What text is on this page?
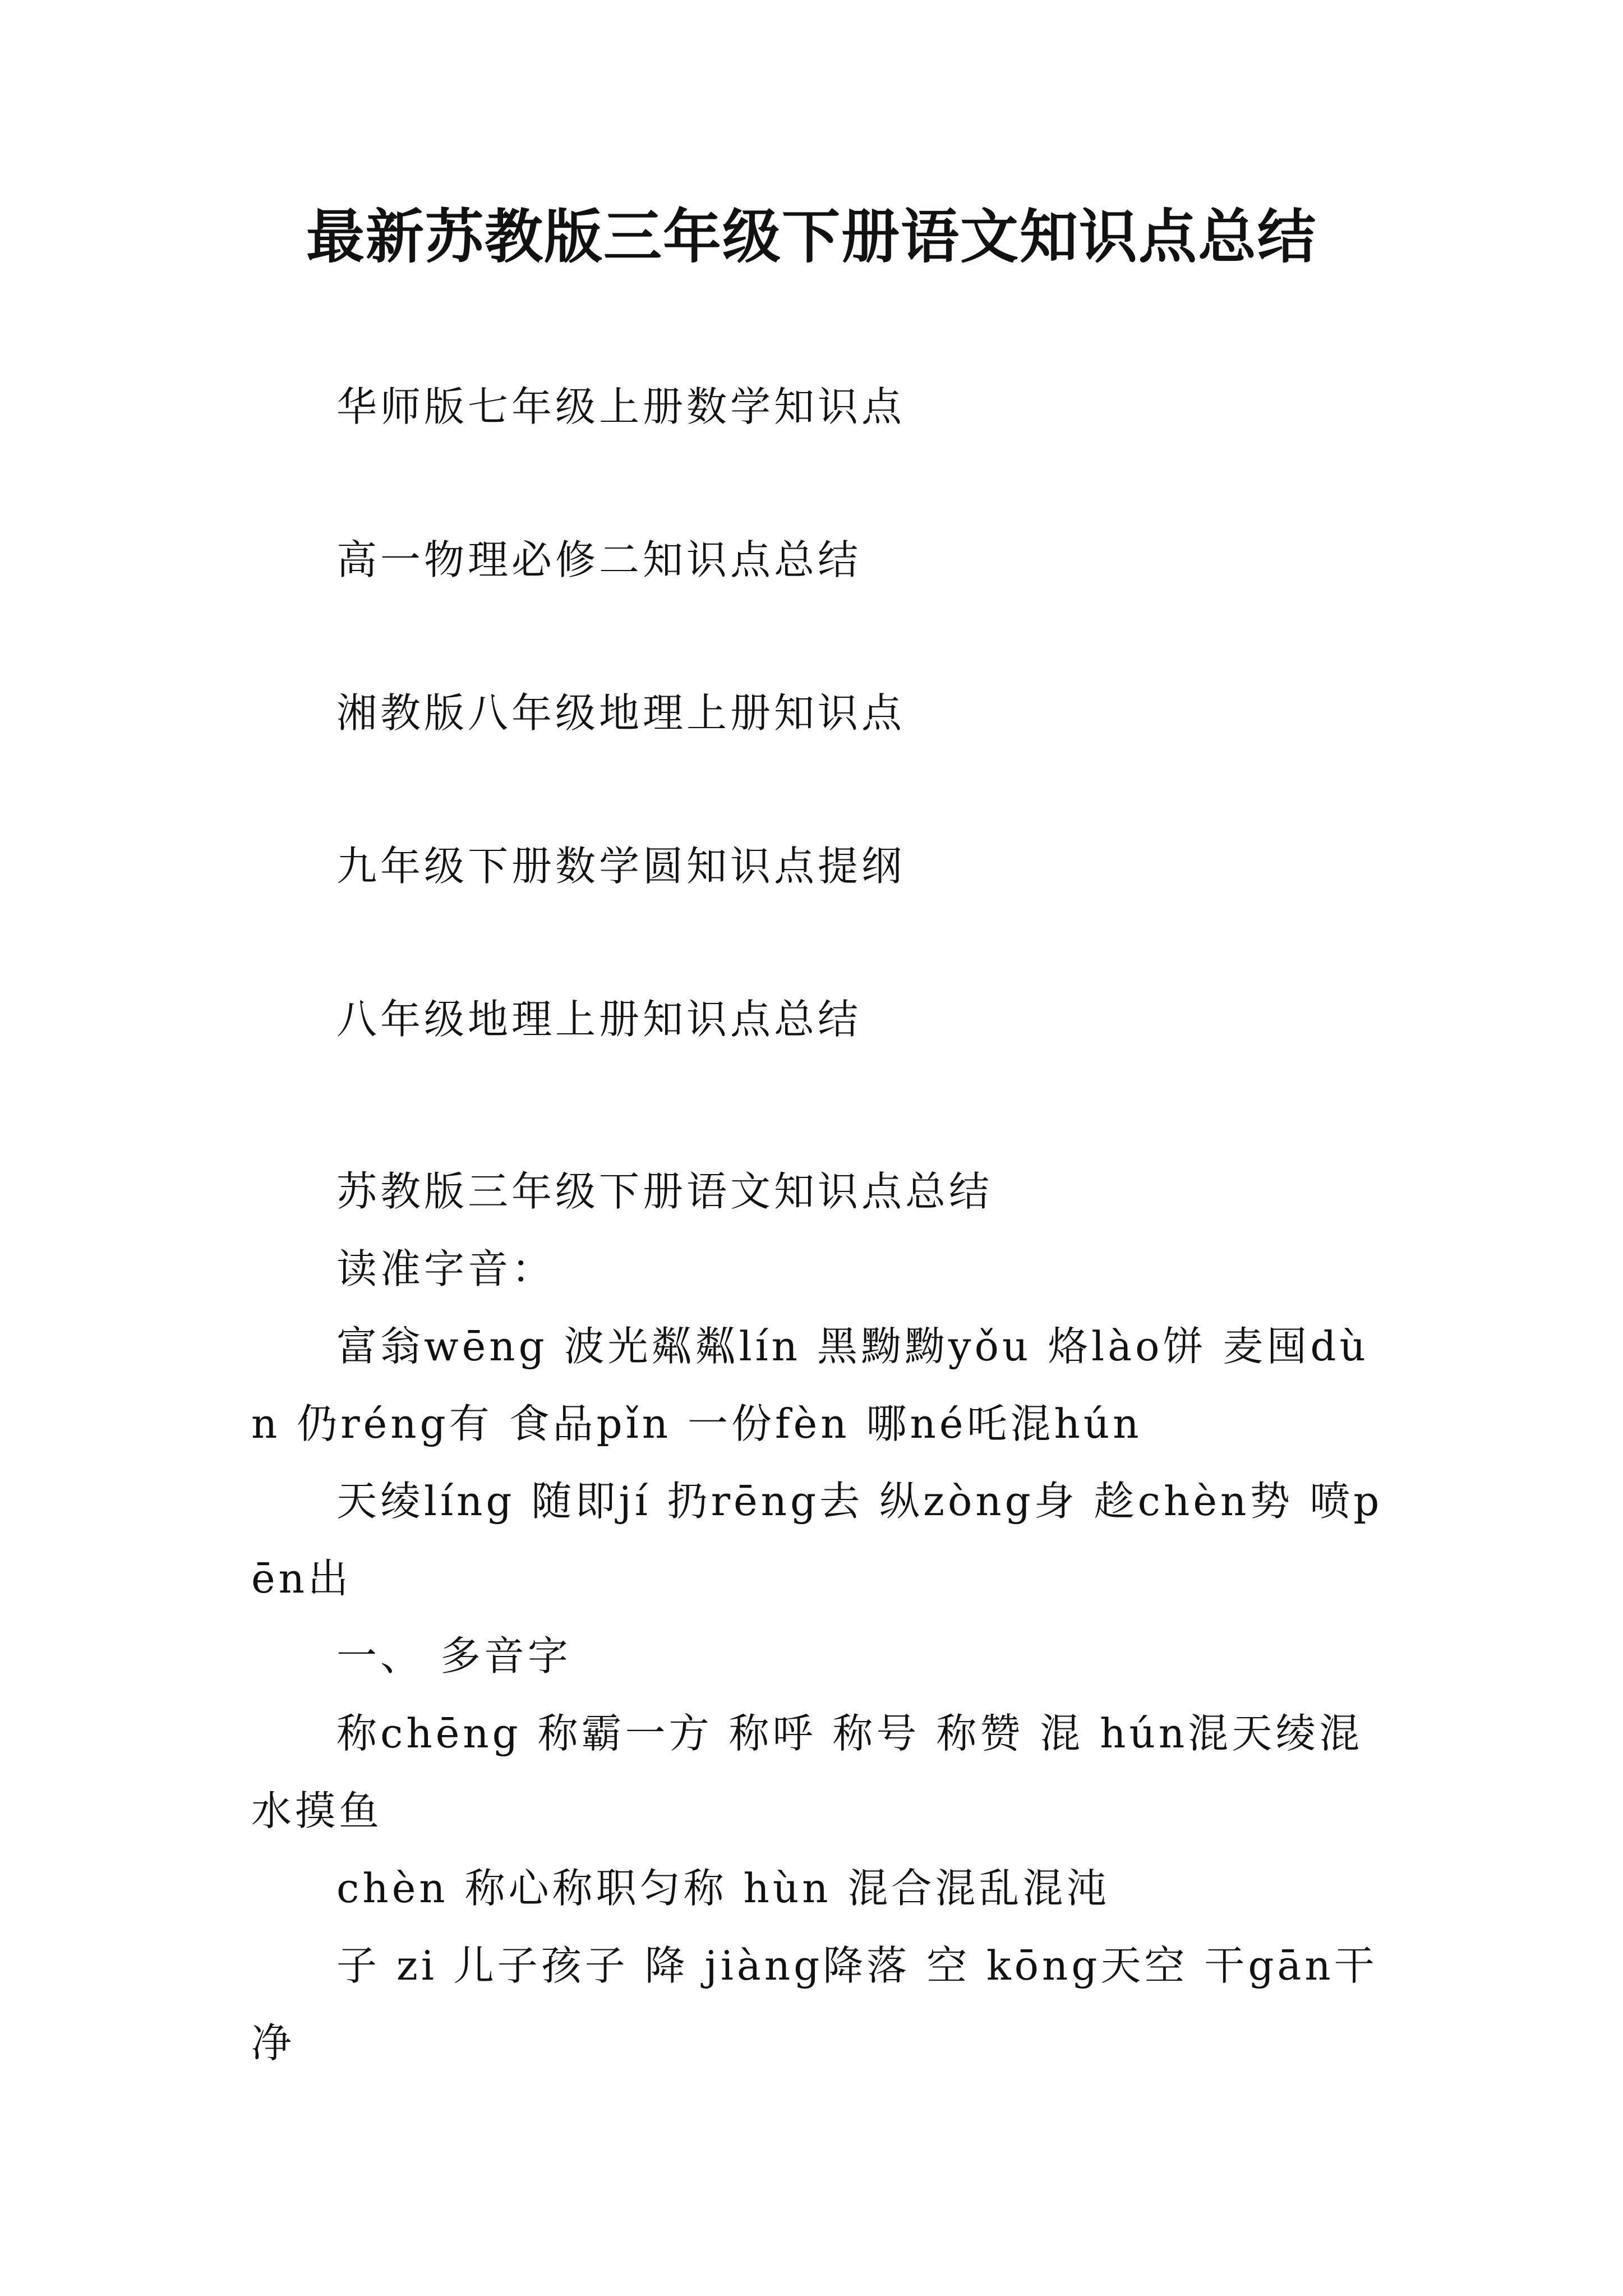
最新苏教版三年级下册语文知识点总结
华师版七年级上册数学知识点
高一物理必修二知识点总结
湘教版八年级地理上册知识点
九年级下册数学圆知识点提纲
八年级地理上册知识点总结

苏教版三年级下册语文知识点总结

读准字音：

富翁wēng 波光粼粼lín 黑黝黝yǒu 烙lào饼 麦囤dùn 仍réng有 食品pǐn 一份fèn 哪né吒混hún

天绫líng 随即jí 扔rēng去 纵zòng身 趁chèn势 喷pēn出

一、 多音字

称chēng 称霸一方 称呼 称号 称赞 混 hún混天绫混水摸鱼

chèn 称心称职匀称 hùn 混合混乱混沌

子 zi 儿子孩子 降 jiàng降落 空 kōng天空 干gān干净
